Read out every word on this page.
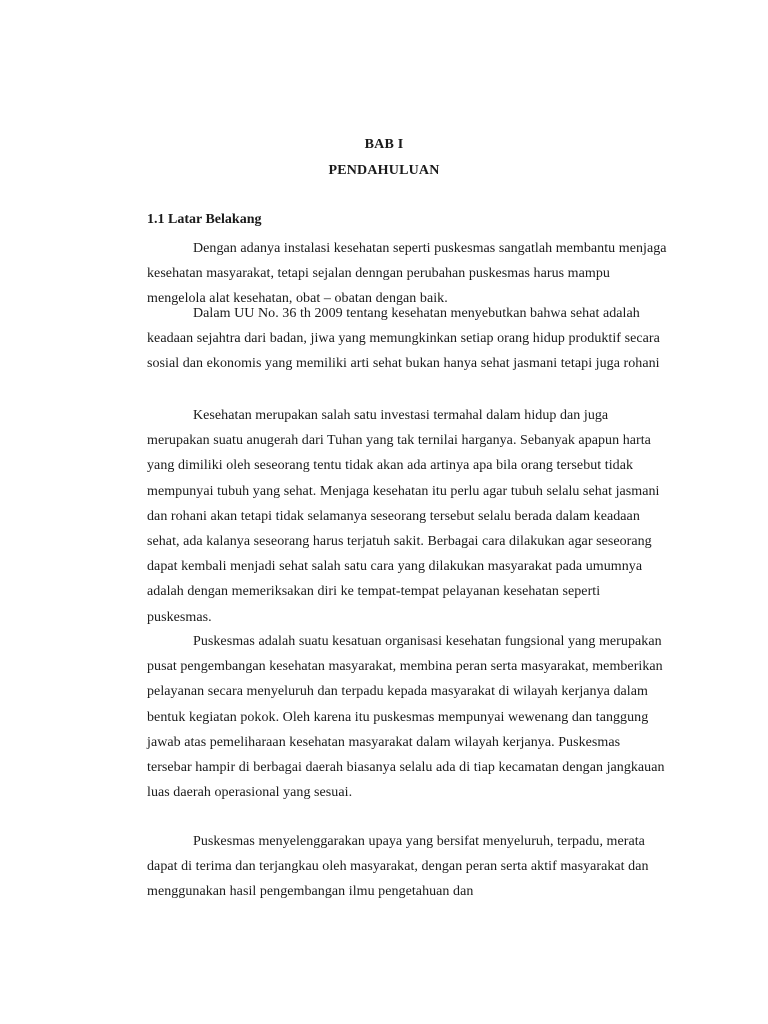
BAB I
PENDAHULUAN
1.1 Latar Belakang

Dengan adanya instalasi kesehatan seperti puskesmas sangatlah membantu menjaga kesehatan masyarakat, tetapi sejalan denngan perubahan puskesmas harus mampu mengelola alat kesehatan, obat – obatan dengan baik.

Dalam UU No. 36 th 2009 tentang kesehatan menyebutkan bahwa sehat adalah keadaan sejahtra dari badan, jiwa yang memungkinkan setiap orang hidup produktif secara sosial dan ekonomis yang memiliki arti sehat bukan hanya sehat jasmani tetapi juga rohani

Kesehatan merupakan salah satu investasi termahal dalam hidup dan juga merupakan suatu anugerah dari Tuhan yang tak ternilai harganya. Sebanyak apapun harta yang dimiliki oleh seseorang tentu tidak akan ada artinya apa bila orang tersebut tidak mempunyai tubuh yang sehat. Menjaga kesehatan itu perlu agar tubuh selalu sehat jasmani dan rohani akan tetapi tidak selamanya seseorang tersebut selalu berada dalam keadaan sehat, ada kalanya seseorang harus terjatuh sakit. Berbagai cara dilakukan agar seseorang dapat kembali menjadi sehat salah satu cara yang dilakukan masyarakat pada umumnya adalah dengan memeriksakan diri ke tempat-tempat pelayanan kesehatan seperti puskesmas.

Puskesmas adalah suatu kesatuan organisasi kesehatan fungsional yang merupakan pusat pengembangan kesehatan masyarakat, membina peran serta masyarakat, memberikan pelayanan secara menyeluruh dan terpadu kepada masyarakat di wilayah kerjanya dalam bentuk kegiatan pokok. Oleh karena itu puskesmas mempunyai wewenang dan tanggung jawab atas pemeliharaan kesehatan masyarakat dalam wilayah kerjanya. Puskesmas tersebar hampir di berbagai daerah biasanya selalu ada di tiap kecamatan dengan jangkauan luas daerah operasional yang sesuai.

Puskesmas menyelenggarakan upaya yang bersifat menyeluruh, terpadu, merata dapat di terima dan terjangkau oleh masyarakat, dengan peran serta aktif masyarakat dan menggunakan hasil pengembangan ilmu pengetahuan dan
